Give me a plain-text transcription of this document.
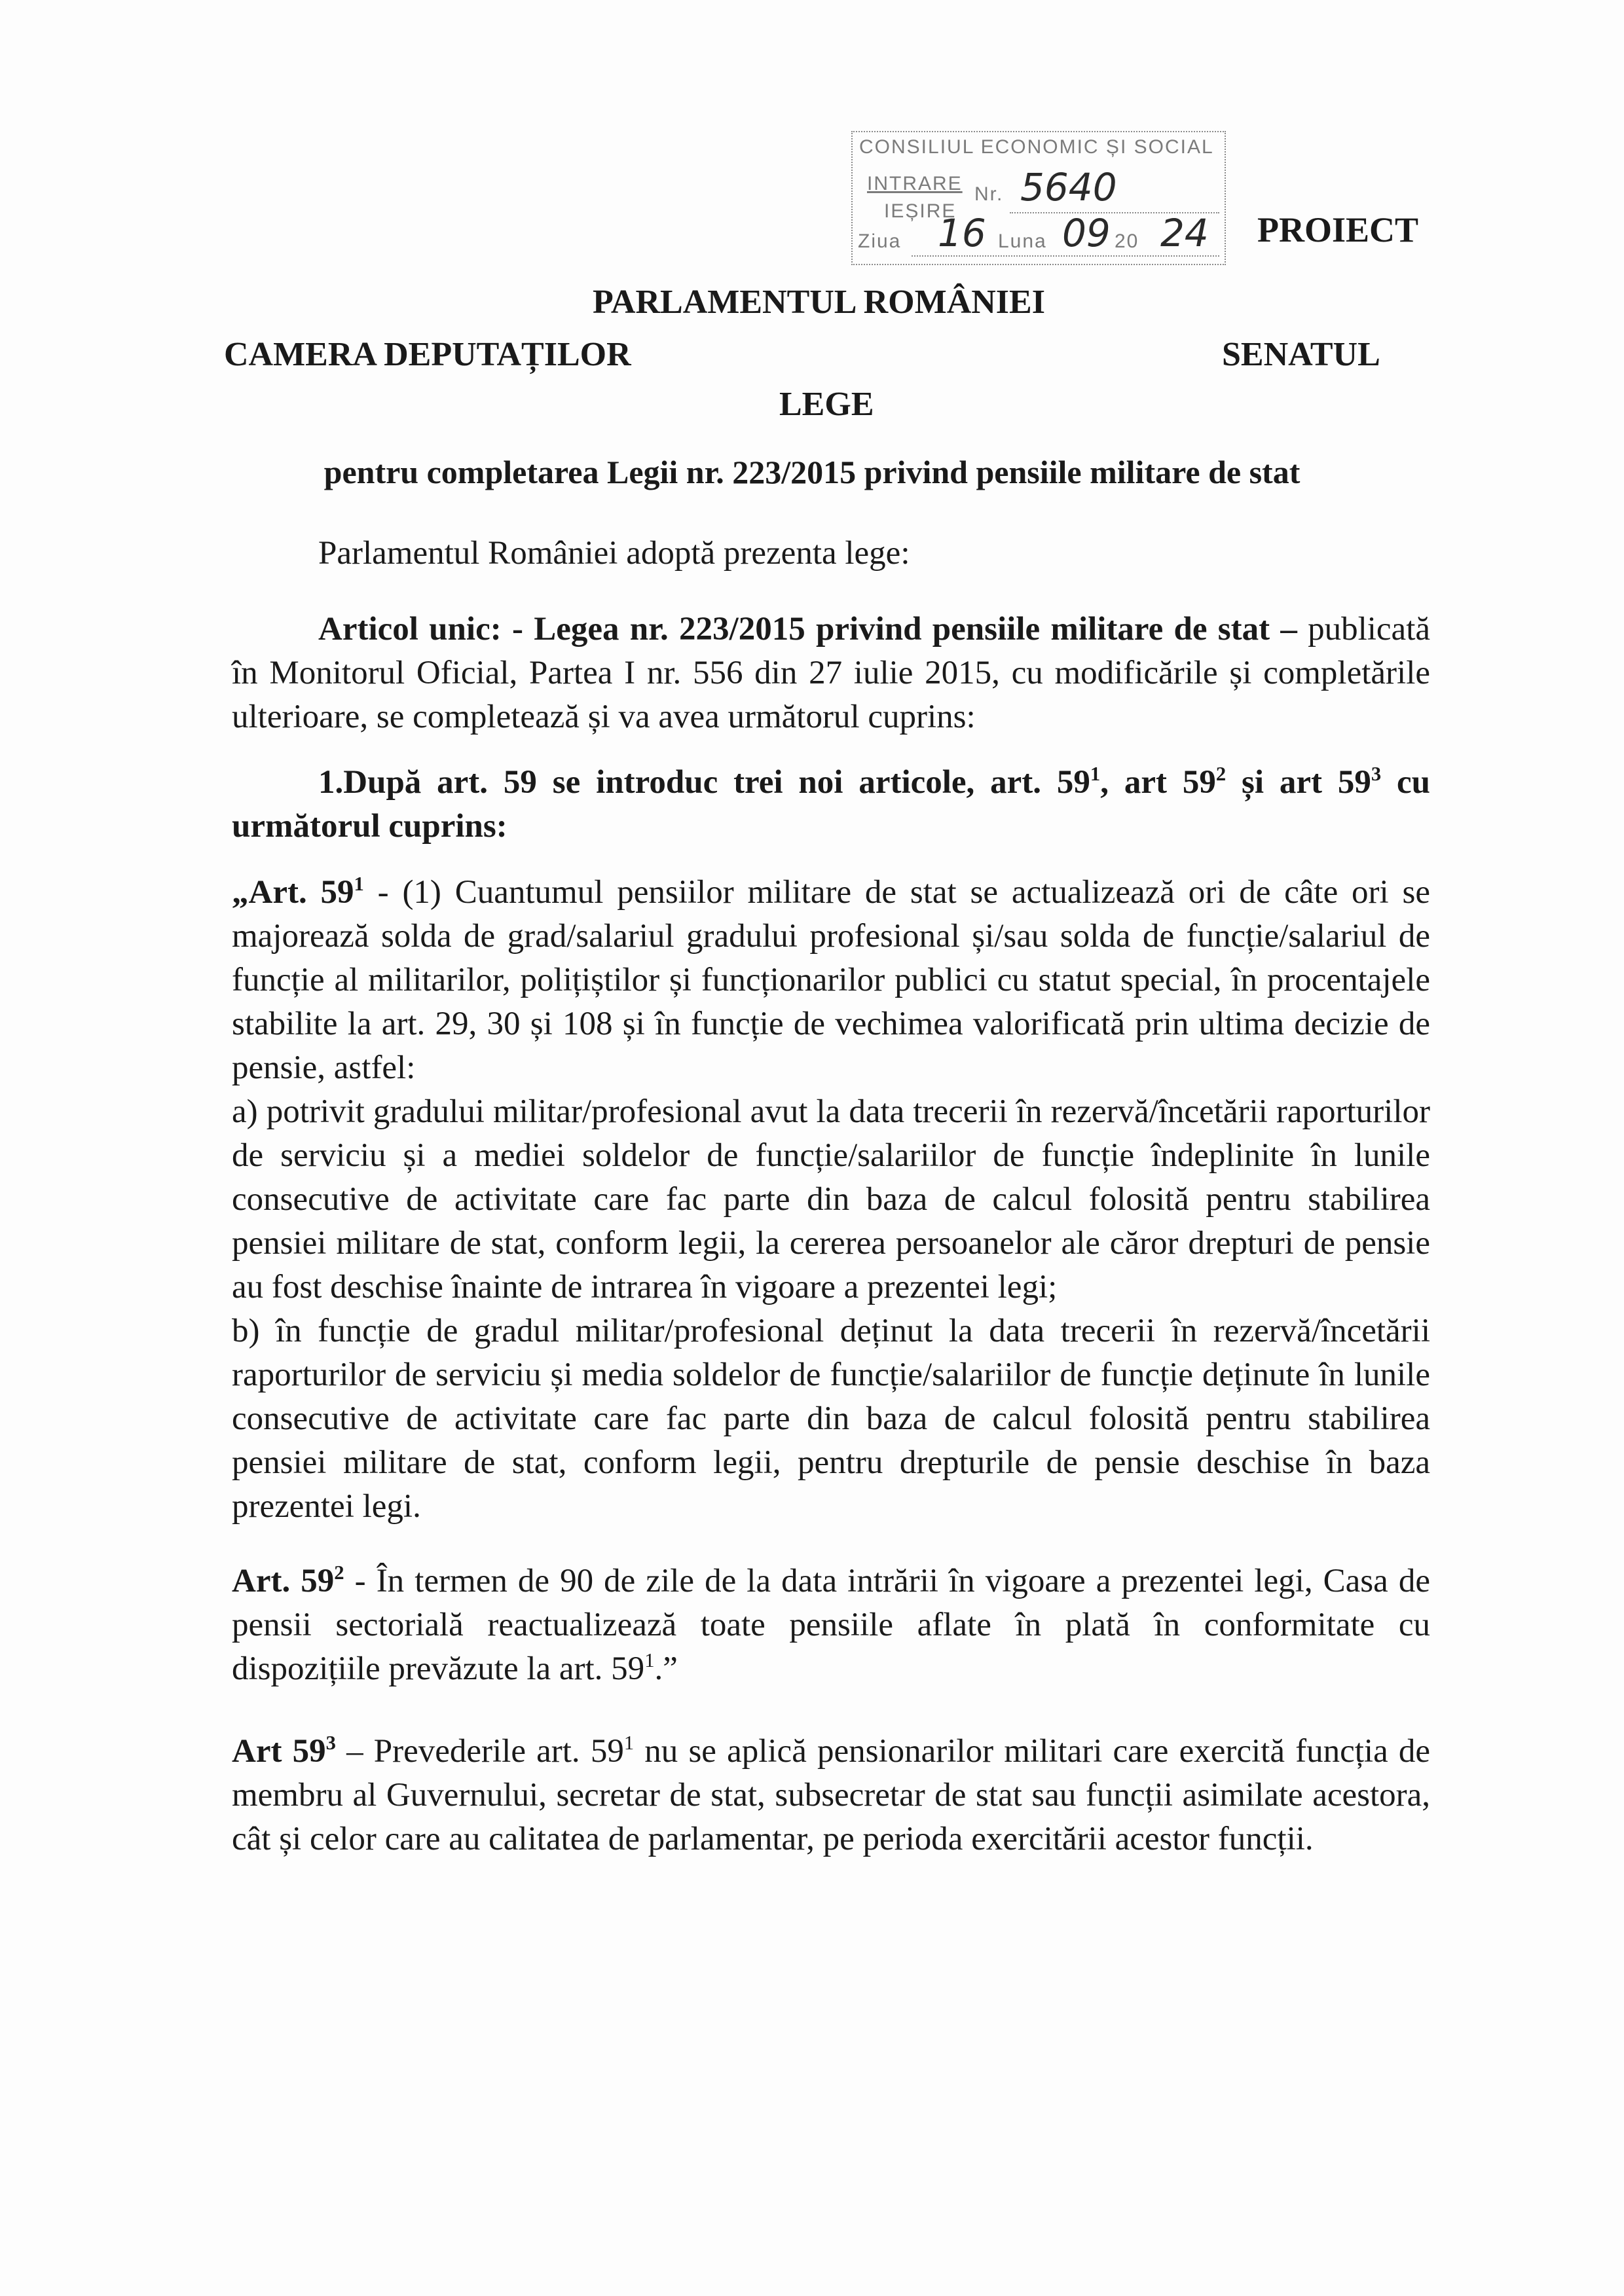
CONSILIUL ECONOMIC ȘI SOCIAL
INTRARE Nr. 5640
IEȘIRE
Ziua 16 Luna 09 20 24 PROIECT
PARLAMENTUL ROMÂNIEI
CAMERA DEPUTAȚILOR	SENATUL
LEGE
pentru completarea Legii nr. 223/2015 privind pensiile militare de stat
Parlamentul României adoptă prezenta lege:

Articol unic: - Legea nr. 223/2015 privind pensiile militare de stat – publicată în Monitorul Oficial, Partea I nr. 556 din 27 iulie 2015, cu modificările și completările ulterioare, se completează și va avea următorul cuprins:

1.După art. 59 se introduc trei noi articole, art. $59^1$, art $59^2$ și art $59^3$ cu următorul cuprins:

„Art. $59^1 - (1)$ Cuantumul pensiilor militare de stat se actualizează ori de câte ori se majorează solda de grad/salariul gradului profesional și/sau solda de funcție/salariul de funcție al militarilor, polițiștilor și funcționarilor publici cu statut special, în procentajele stabilite la art. 29, 30 și 108 și în funcție de vechimea valorificată prin ultima decizie de pensie, astfel:

a) potrivit gradului militar/profesional avut la data trecerii în rezervă/încetării raporturilor de serviciu și a mediei soldelor de funcție/salariilor de funcție îndeplinite în lunile consecutive de activitate care fac parte din baza de calcul folosită pentru stabilirea pensiei militare de stat, conform legii, la cererea persoanelor ale căror drepturi de pensie au fost deschise înainte de intrarea în vigoare a prezentei legi;

b) în funcție de gradul militar/profesional deținut la data trecerii în rezervă/încetării raporturilor de serviciu și media soldelor de funcție/salariilor de funcție deținute în lunile consecutive de activitate care fac parte din baza de calcul folosită pentru stabilirea pensiei militare de stat, conform legii, pentru drepturile de pensie deschise în baza prezentei legi.

Art. $59^2$ - În termen de 90 de zile de la data intrării în vigoare a prezentei legi, Casa de pensii sectorială reactualizează toate pensiile aflate în plată în conformitate cu dispozițiile prevăzute la art. $59^1$.”

Art $59^3$ – Prevederile art. $59^1$ nu se aplică pensionarilor militari care exercită funcția de membru al Guvernului, secretar de stat, subsecretar de stat sau funcții asimilate acestora, cât și celor care au calitatea de parlamentar, pe perioda exercitării acestor funcții.
